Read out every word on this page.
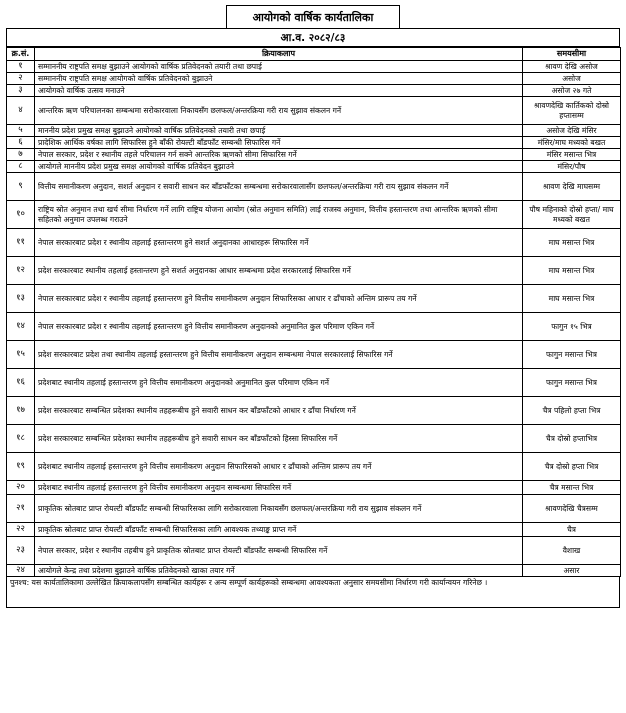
आयोगको वार्षिक कार्यतालिका
आ.व. २०८२/८३
क्र.सं.	क्रियाकलाप	समयसीमा
१	सम्माननीय राष्ट्रपति समक्ष बुझाउने आयोगको वार्षिक प्रतिवेदनको तयारी तथा छपाई	श्रावण देखि असोज
२	सम्माननीय राष्ट्रपति समक्ष आयोगको वार्षिक प्रतिवेदनको बुझाउने	असोज
३	आयोगको वार्षिक उत्सव मनाउने	असोज २७ गते
४	आन्तरिक ऋण परिचालनका सम्बन्धमा सरोकारवाला निकायसँग छलफल/अन्तरक्रिया गरी राय सुझाव संकलन गर्ने	श्रावणदेखि कार्तिकको दोस्रो हप्तासम्म
५	माननीय प्रदेश प्रमुख समक्ष बुझाउने आयोगको वार्षिक प्रतिवेदनको तयारी तथा छपाई	असोज देखि मंसिर
६	प्रादेशिक आर्थिक वर्षका लागि सिफारिस हुने बाँकी रोयल्टी बाँडफाँट सम्बन्धी सिफारिस गर्ने	मंसिर/माघ मध्यको बखत
७	नेपाल सरकार, प्रदेश र स्थानीय तहले परिचालन गर्न सक्ने आन्तरिक ऋणको सीमा सिफारिस गर्ने	मंसिर मसान्त भित्र
८	आयोगले माननीय प्रदेश प्रमुख समक्ष आयोगको वार्षिक प्रतिवेदन बुझाउने	मंसिर/पौष
९	वित्तीय समानीकरण अनुदान, सशर्त अनुदान र सवारी साधन कर बाँडफाँटका सम्बन्धमा सरोकारवालासँग छलफल/अन्तरक्रिया गरी राय सुझाव संकलन गर्ने	श्रावण देखि माघसम्म
१०	राष्ट्रिय स्रोत अनुमान तथा खर्च सीमा निर्धारण गर्ने लागि राष्ट्रिय योजना आयोग (स्रोत अनुमान समिति) लाई राजस्व अनुमान, वित्तीय हस्तान्तरण तथा आन्तरिक ऋणको सीमा सहितको अनुमान उपलब्ध गराउने	पौष महिनाको दोस्रो हप्ता/ माघ मध्यको बखत
११	नेपाल सरकारबाट प्रदेश र स्थानीय तहलाई हस्तान्तरण हुने सशर्त अनुदानका आधारहरू सिफारिस गर्ने	माघ मसान्त भित्र
१२	प्रदेश सरकारबाट स्थानीय तहलाई हस्तान्तरण हुने सशर्त अनुदानका आधार सम्बन्धमा प्रदेश सरकारलाई सिफारिस गर्ने	माघ मसान्त भित्र
१३	नेपाल सरकारबाट प्रदेश र स्थानीय तहलाई हस्तान्तरण हुने वित्तीय समानीकरण अनुदान सिफारिसका आधार र ढाँचाको अन्तिम प्रारूप तय गर्ने	माघ मसान्त भित्र
१४	नेपाल सरकारबाट प्रदेश र स्थानीय तहलाई हस्तान्तरण हुने वित्तीय समानीकरण अनुदानको अनुमानित कुल परिमाण एकिन गर्ने	फागुन १५ भित्र
१५	प्रदेश सरकारबाट प्रदेश तथा स्थानीय तहलाई हस्तान्तरण हुने वित्तीय समानीकरण अनुदान सम्बन्धमा नेपाल सरकारलाई सिफारिस गर्ने	फागुन मसान्त भित्र
१६	प्रदेशबाट स्थानीय तहलाई हस्तान्तरण हुने वित्तीय समानीकरण अनुदानको अनुमानित कुल परिमाण एकिन गर्ने	फागुन मसान्त भित्र
१७	प्रदेश सरकारबाट सम्बन्धित प्रदेशका स्थानीय तहहरूबीच हुने सवारी साधन कर बाँडफाँटको आधार र ढाँचा निर्धारण गर्ने	चैत्र पहिलो हप्ता भित्र
१८	प्रदेश सरकारबाट सम्बन्धित प्रदेशका स्थानीय तहहरूबीच हुने सवारी साधन कर बाँडफाँटको हिस्सा सिफारिस गर्ने	चैत्र दोस्रो हप्ताभित्र
१९	प्रदेशबाट स्थानीय तहलाई हस्तान्तरण हुने वित्तीय समानीकरण अनुदान सिफारिसको आधार र ढाँचाको अन्तिम प्रारूप तय गर्ने	चैत्र दोस्रो हप्ता भित्र
२०	प्रदेशबाट स्थानीय तहलाई हस्तान्तरण हुने वित्तीय समानीकरण अनुदान सम्बन्धमा सिफारिस गर्ने	चैत्र मसान्त भित्र
२१	प्राकृतिक स्रोतबाट प्राप्त रोयल्टी बाँडफाँट सम्बन्धी सिफारिसका लागि सरोकारवाला निकायसँग छलफल/अन्तरक्रिया गरी राय सुझाव संकलन गर्ने	श्रावणदेखि चैत्रसम्म
२२	प्राकृतिक स्रोतबाट प्राप्त रोयल्टी बाँडफाँट सम्बन्धी सिफारिसका लागि आवश्यक तथ्याङ्क प्राप्त गर्ने	चैत्र
२३	नेपाल सरकार, प्रदेश र स्थानीय तहबीच हुने प्राकृतिक स्रोतबाट प्राप्त रोयल्टी बाँडफाँट सम्बन्धी सिफारिस गर्ने	वैशाख
२४	आयोगले केन्द्र तथा प्रदेशमा बुझाउने वार्षिक प्रतिवेदनको खाका तयार गर्ने	असार
पुनश्च: यस कार्यतालिकामा उल्लेखित क्रियाकलापसँग सम्बन्धित कार्यहरू र अन्य सम्पूर्ण कार्यहरूको सम्बन्धमा आवश्यकता अनुसार समयसीमा निर्धारण गरी कार्यान्वयन गरिनेछ ।
